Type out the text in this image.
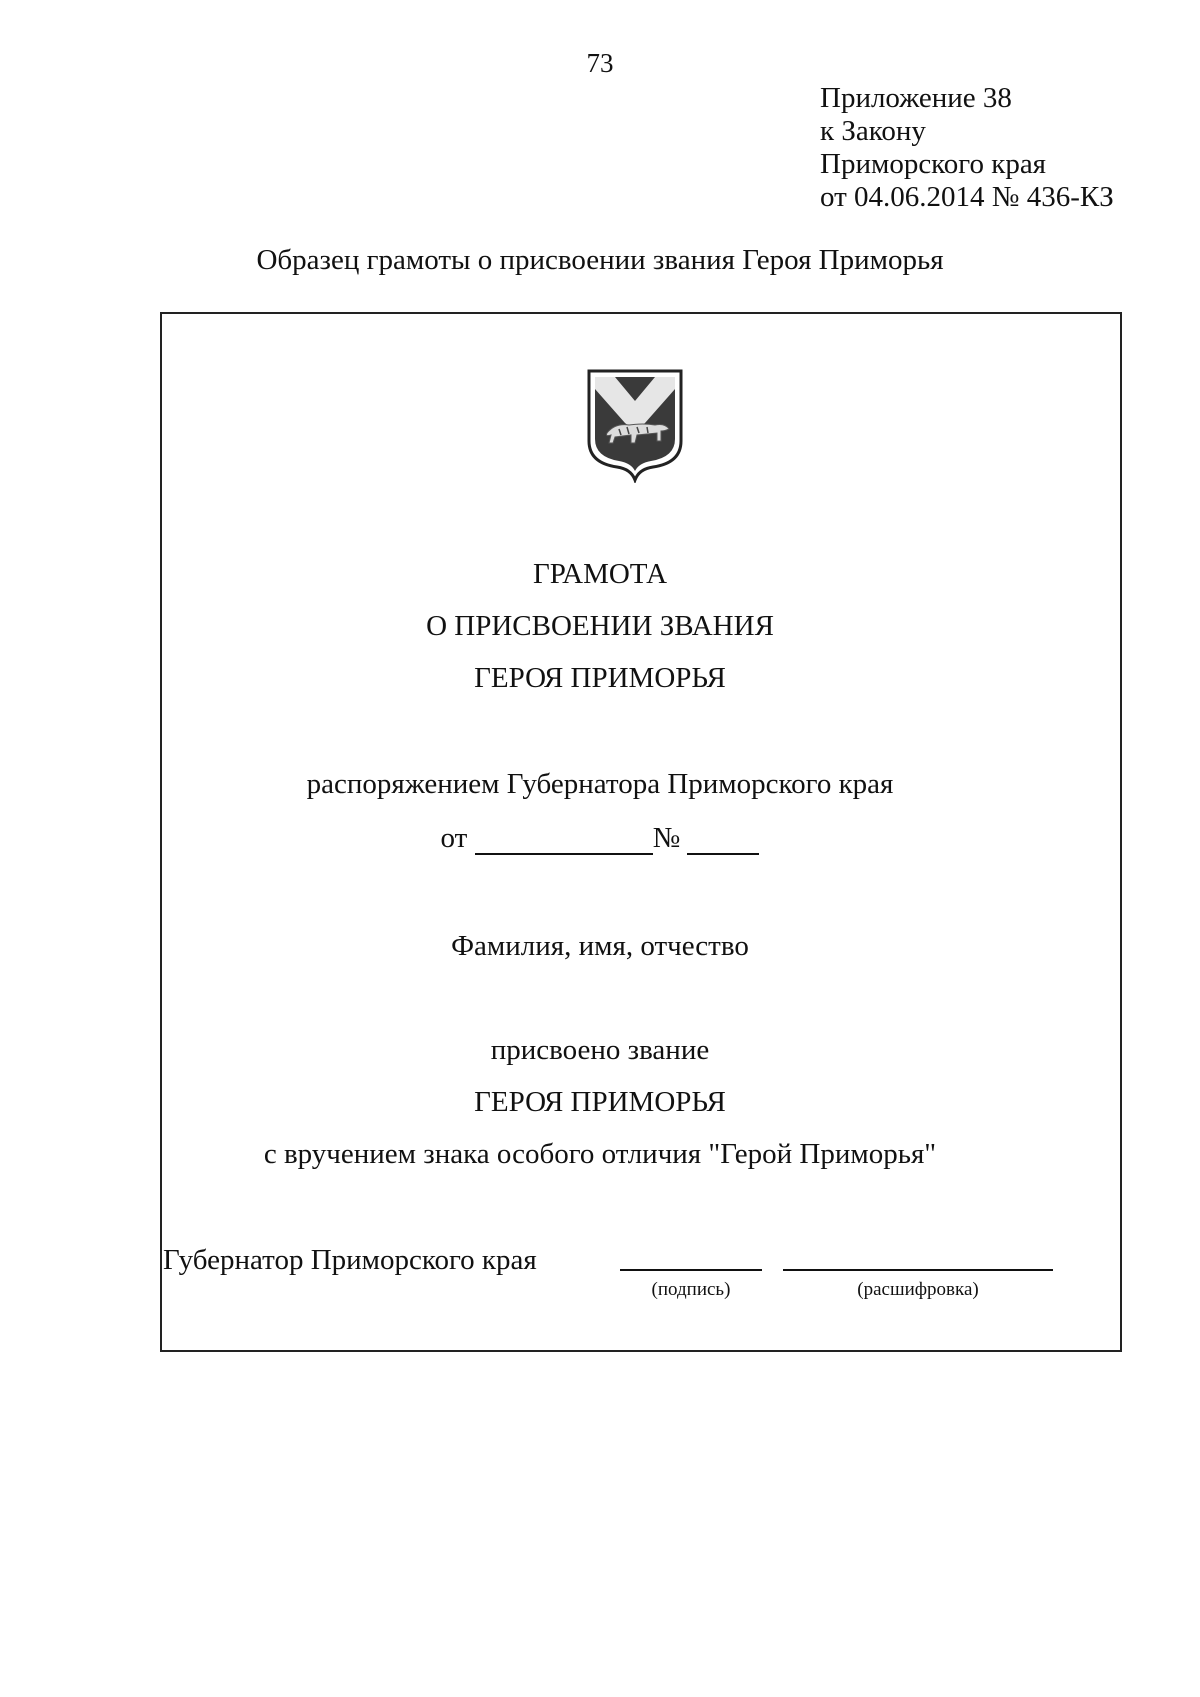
73
Приложение 38
к Закону
Приморского края
от 04.06.2014 № 436-КЗ
Образец грамоты о присвоении звания Героя Приморья
ГРАМОТА
О ПРИСВОЕНИИ ЗВАНИЯ
ГЕРОЯ ПРИМОРЬЯ
распоряжением Губернатора Приморского края
от	№
Фамилия, имя, отчество
присвоено звание
ГЕРОЯ ПРИМОРЬЯ
с вручением знака особого отличия "Герой Приморья"
Губернатор Приморского края
(подпись)	(расшифровка)
